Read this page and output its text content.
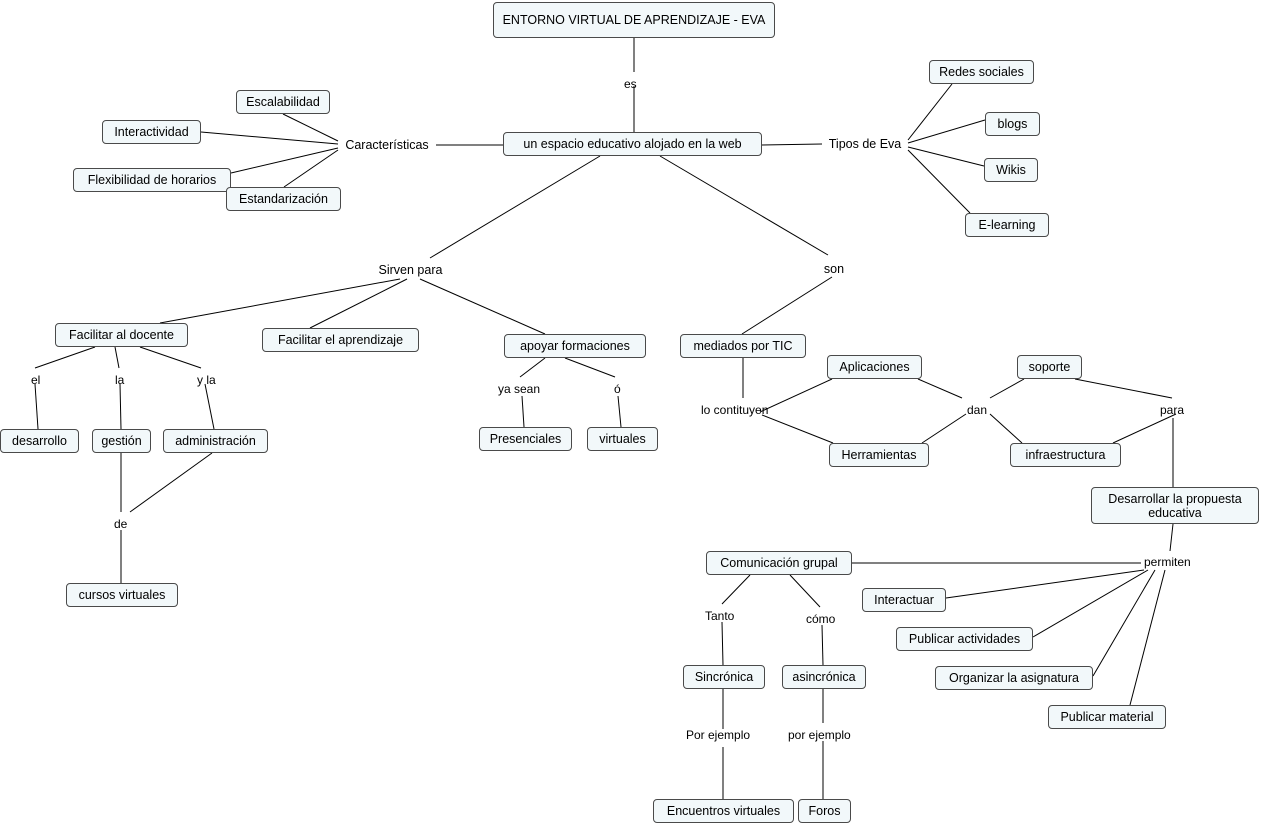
ENTORNO VIRTUAL DE APRENDIZAJE - EVA
un espacio educativo alojado en la web
Características
Escalabilidad
Interactividad
Flexibilidad de horarios
Estandarización
Tipos de Eva
Redes sociales
blogs
Wikis
E-learning
Sirven para
Facilitar al docente	Facilitar el aprendizaje	apoyar formaciones	mediados por TIC
son
desarrollo	gestión	administración
cursos virtuales
Presenciales	virtuales
Aplicaciones
Herramientas
soporte
infraestructura
Desarrollar la propuesta educativa
Comunicación grupal
Interactuar
Publicar actividades
Organizar la asignatura
Publicar material
Sincrónica	asincrónica
Encuentros virtuales Foros
es
lo contituyen	dan	para
permiten
el	la	y la
de
ya sean	ó
Tanto	cómo
Por ejemplo	por ejemplo
